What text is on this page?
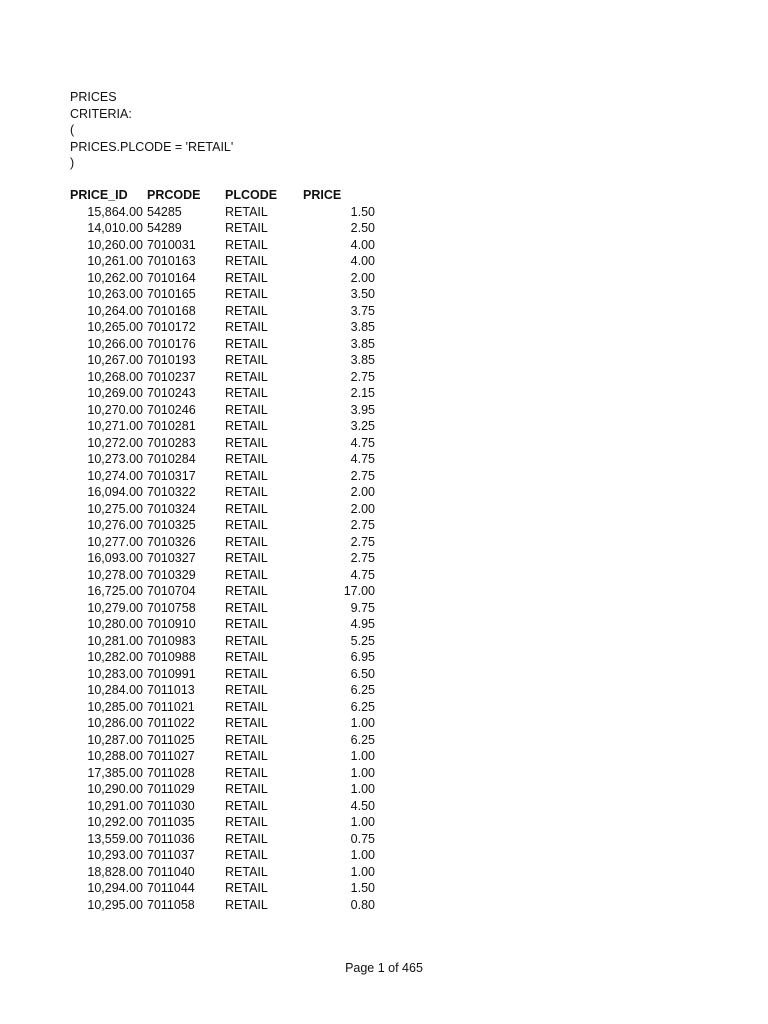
PRICES
CRITERIA:
(
PRICES.PLCODE = 'RETAIL'
)
PRICE_ID	PRCODE	PLCODE	PRICE
15,864.00	54285	RETAIL	1.50
14,010.00	54289	RETAIL	2.50
10,260.00	7010031	RETAIL	4.00
10,261.00	7010163	RETAIL	4.00
10,262.00	7010164	RETAIL	2.00
10,263.00	7010165	RETAIL	3.50
10,264.00	7010168	RETAIL	3.75
10,265.00	7010172	RETAIL	3.85
10,266.00	7010176	RETAIL	3.85
10,267.00	7010193	RETAIL	3.85
10,268.00	7010237	RETAIL	2.75
10,269.00	7010243	RETAIL	2.15
10,270.00	7010246	RETAIL	3.95
10,271.00	7010281	RETAIL	3.25
10,272.00	7010283	RETAIL	4.75
10,273.00	7010284	RETAIL	4.75
10,274.00	7010317	RETAIL	2.75
16,094.00	7010322	RETAIL	2.00
10,275.00	7010324	RETAIL	2.00
10,276.00	7010325	RETAIL	2.75
10,277.00	7010326	RETAIL	2.75
16,093.00	7010327	RETAIL	2.75
10,278.00	7010329	RETAIL	4.75
16,725.00	7010704	RETAIL	17.00
10,279.00	7010758	RETAIL	9.75
10,280.00	7010910	RETAIL	4.95
10,281.00	7010983	RETAIL	5.25
10,282.00	7010988	RETAIL	6.95
10,283.00	7010991	RETAIL	6.50
10,284.00	7011013	RETAIL	6.25
10,285.00	7011021	RETAIL	6.25
10,286.00	7011022	RETAIL	1.00
10,287.00	7011025	RETAIL	6.25
10,288.00	7011027	RETAIL	1.00
17,385.00	7011028	RETAIL	1.00
10,290.00	7011029	RETAIL	1.00
10,291.00	7011030	RETAIL	4.50
10,292.00	7011035	RETAIL	1.00
13,559.00	7011036	RETAIL	0.75
10,293.00	7011037	RETAIL	1.00
18,828.00	7011040	RETAIL	1.00
10,294.00	7011044	RETAIL	1.50
10,295.00	7011058	RETAIL	0.80
Page 1 of 465
